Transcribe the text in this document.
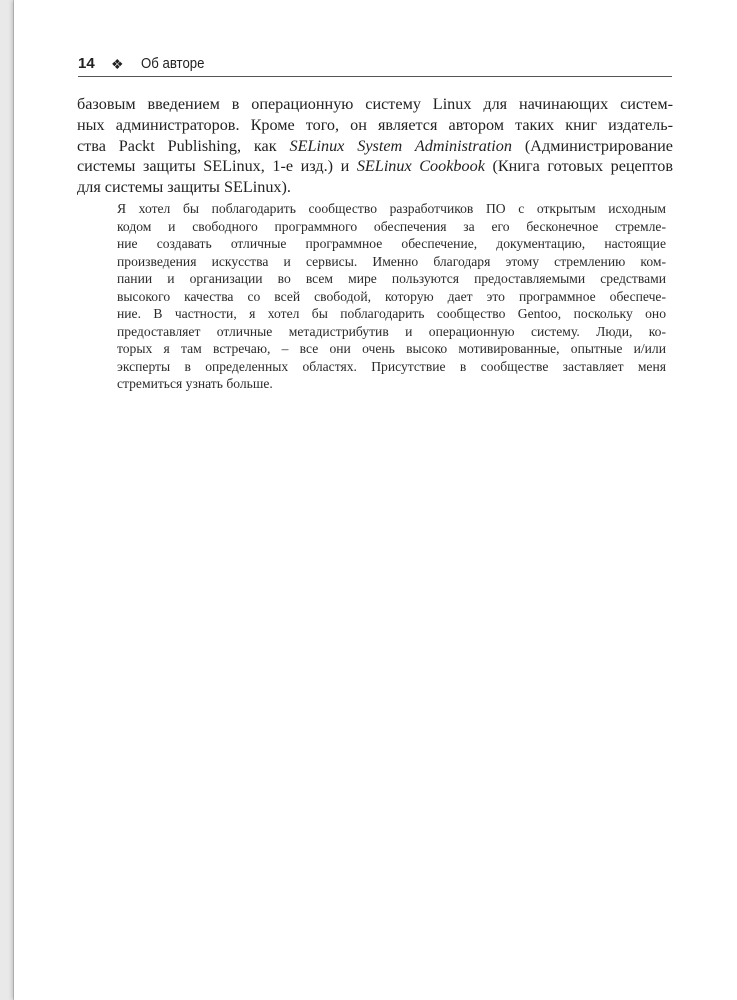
14 ❖ Об авторе
базовым введением в операционную систему Linux для начинающих систем-
ных администраторов. Кроме того, он является автором таких книг издатель-
ства Packt Publishing, как SELinux System Administration (Администрирование
системы защиты SELinux, 1-е изд.) и SELinux Cookbook (Книга готовых рецептов
для системы защиты SELinux).
Я хотел бы поблагодарить сообщество разработчиков ПО с открытым исходным
кодом и свободного программного обеспечения за его бесконечное стремле-
ние создавать отличные программное обеспечение, документацию, настоящие
произведения искусства и сервисы. Именно благодаря этому стремлению ком-
пании и организации во всем мире пользуются предоставляемыми средствами
высокого качества со всей свободой, которую дает это программное обеспече-
ние. В частности, я хотел бы поблагодарить сообщество Gentoo, поскольку оно
предоставляет отличные метадистрибутив и операционную систему. Люди, ко-
торых я там встречаю, – все они очень высоко мотивированные, опытные и/или
эксперты в определенных областях. Присутствие в сообществе заставляет меня
стремиться узнать больше.
